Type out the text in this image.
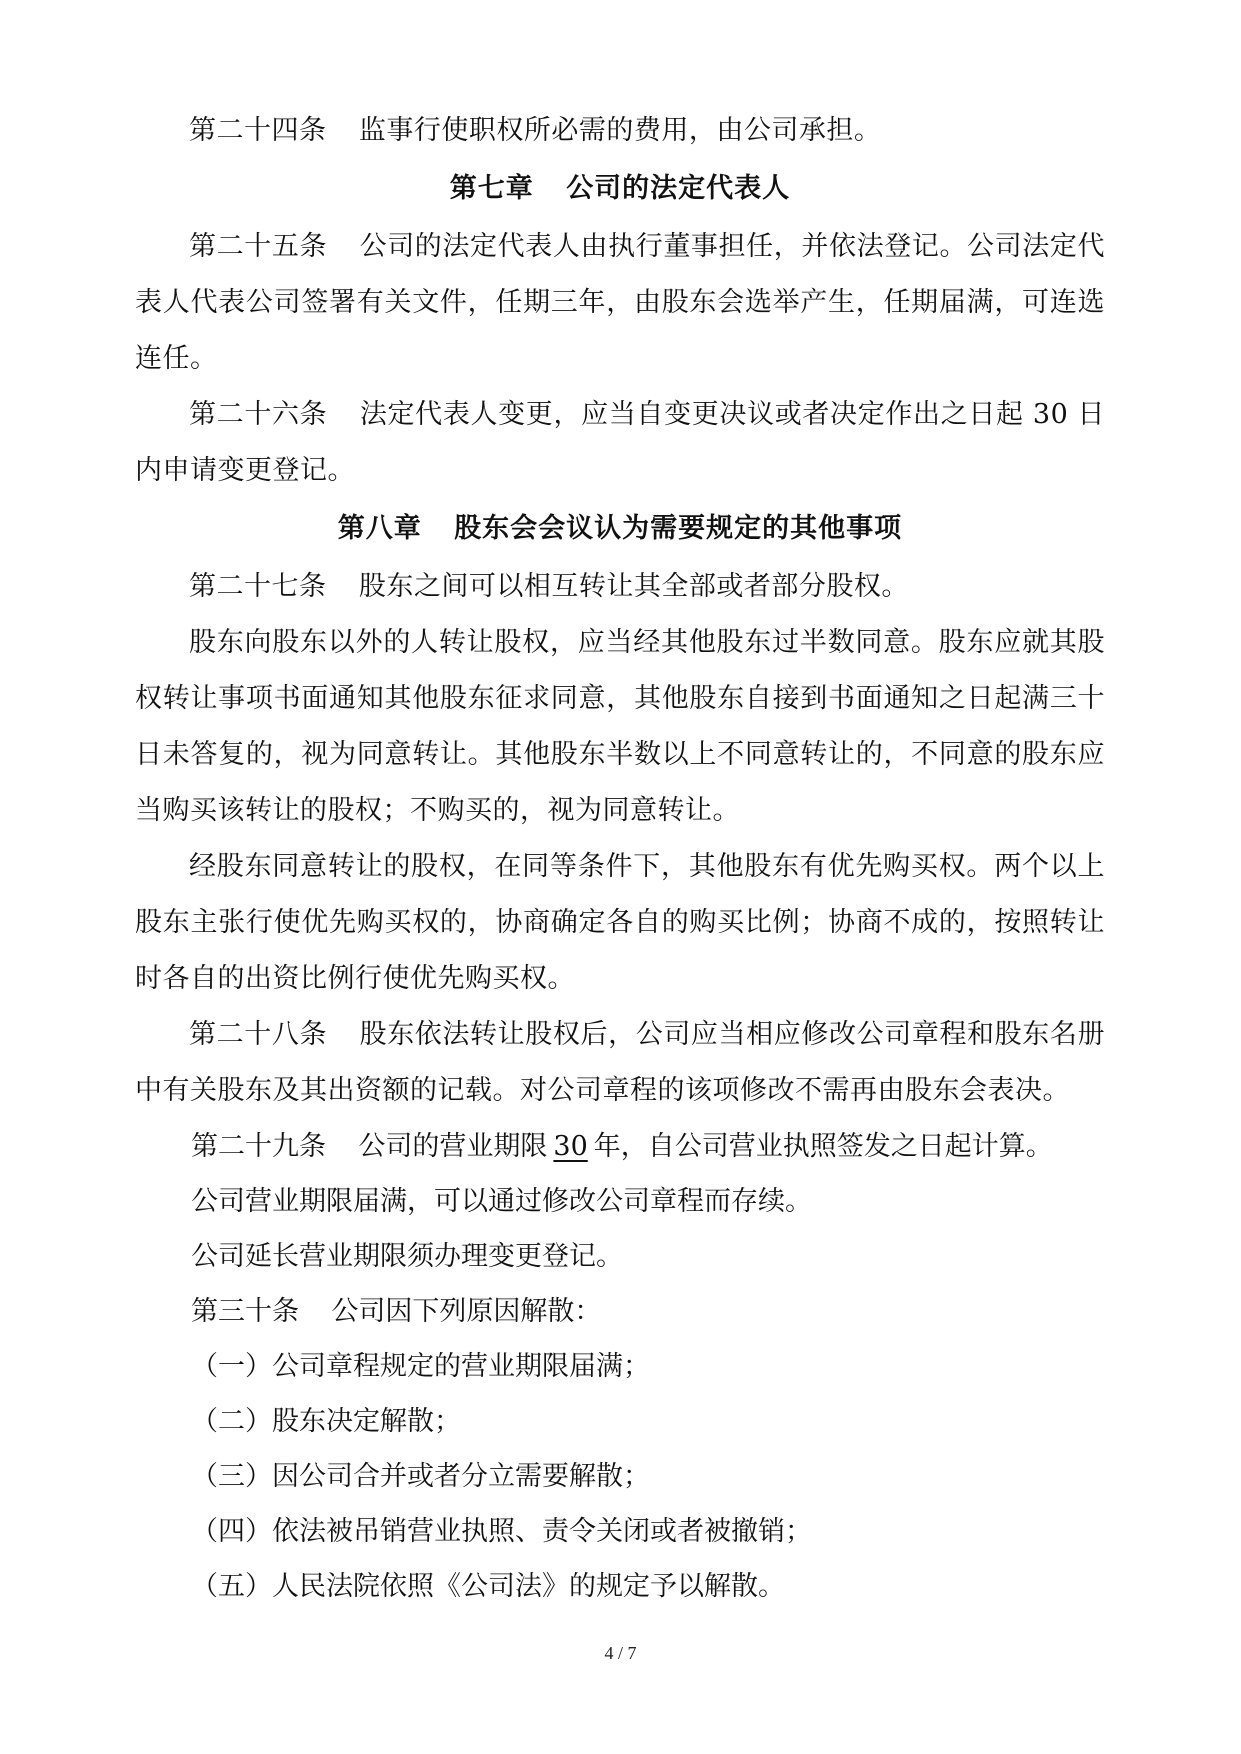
第二十四条 监事行使职权所必需的费用，由公司承担。

第七章 公司的法定代表人

第二十五条 公司的法定代表人由执行董事担任，并依法登记。公司法定代表人代表公司签署有关文件，任期三年，由股东会选举产生，任期届满，可连选连任。

第二十六条 法定代表人变更，应当自变更决议或者决定作出之日起 30 日内申请变更登记。

第八章 股东会会议认为需要规定的其他事项

第二十七条 股东之间可以相互转让其全部或者部分股权。

股东向股东以外的人转让股权，应当经其他股东过半数同意。股东应就其股权转让事项书面通知其他股东征求同意，其他股东自接到书面通知之日起满三十日未答复的，视为同意转让。其他股东半数以上不同意转让的，不同意的股东应当购买该转让的股权；不购买的，视为同意转让。

经股东同意转让的股权，在同等条件下，其他股东有优先购买权。两个以上股东主张行使优先购买权的，协商确定各自的购买比例；协商不成的，按照转让时各自的出资比例行使优先购买权。

第二十八条 股东依法转让股权后，公司应当相应修改公司章程和股东名册中有关股东及其出资额的记载。对公司章程的该项修改不需再由股东会表决。

第二十九条 公司的营业期限 30 年，自公司营业执照签发之日起计算。

公司营业期限届满，可以通过修改公司章程而存续。

公司延长营业期限须办理变更登记。

第三十条 公司因下列原因解散：

（一）公司章程规定的营业期限届满；

（二）股东决定解散；

（三）因公司合并或者分立需要解散；

（四）依法被吊销营业执照、责令关闭或者被撤销；

（五）人民法院依照《公司法》的规定予以解散。

4 / 7
